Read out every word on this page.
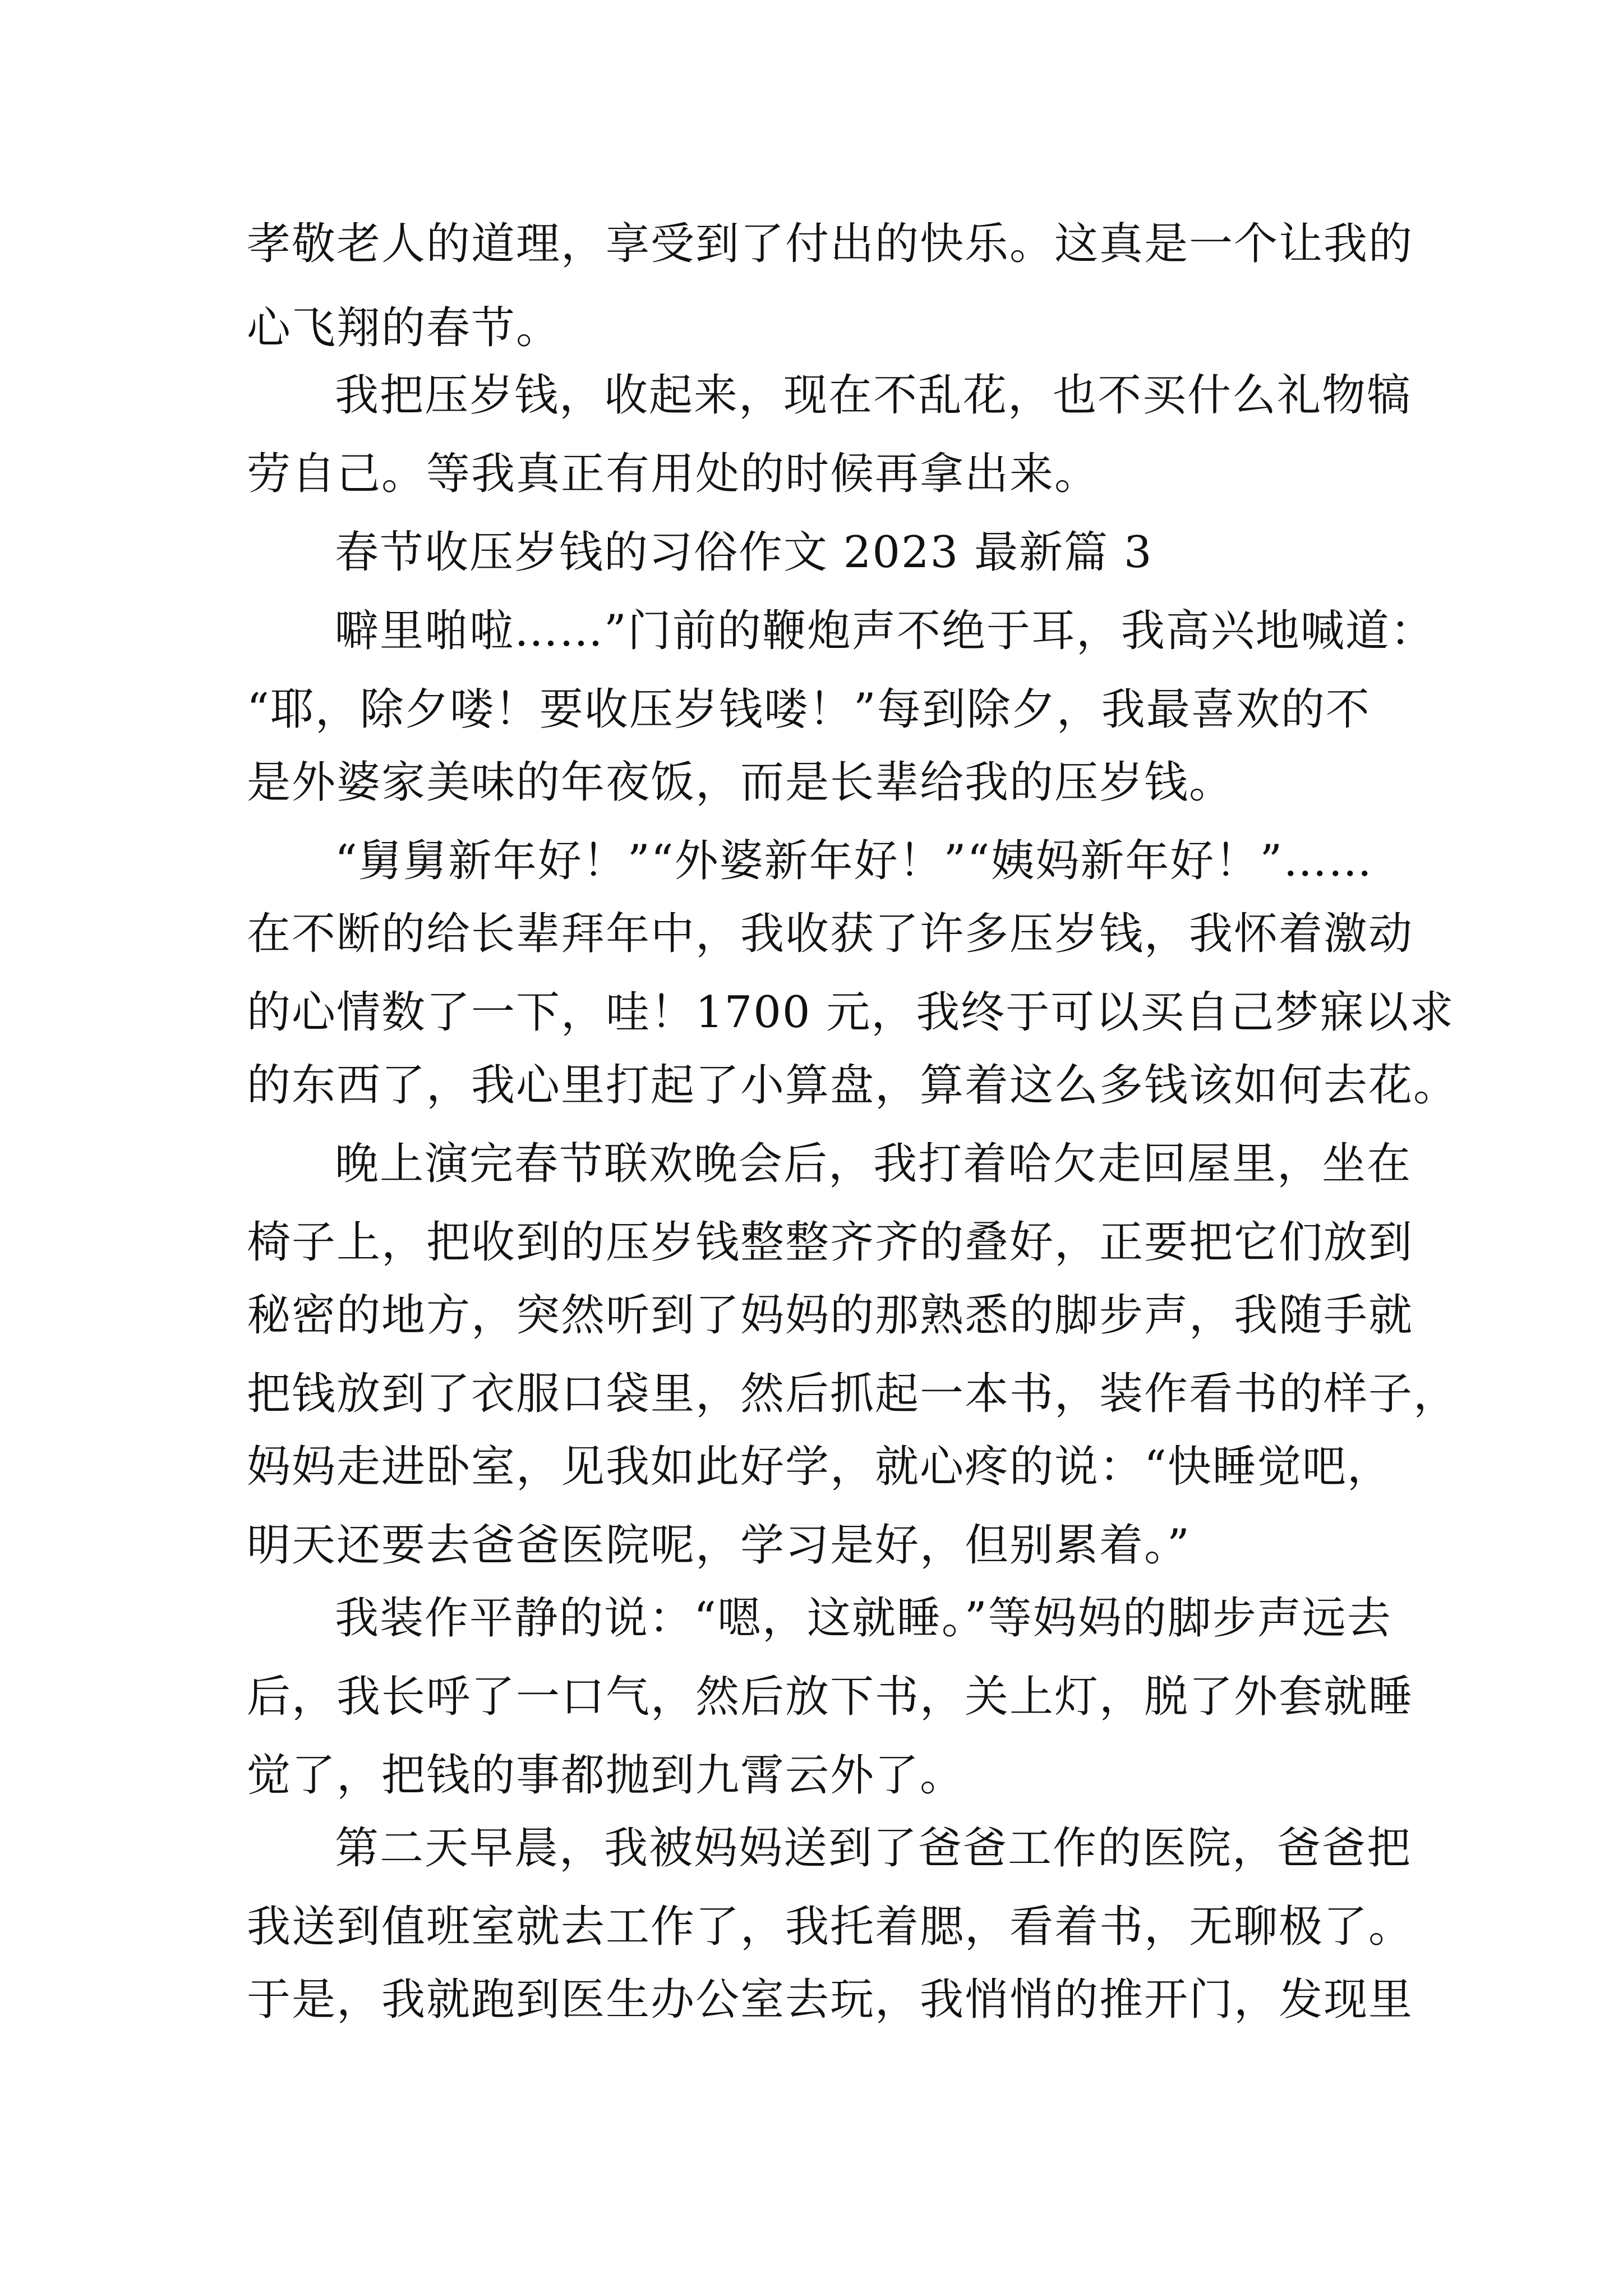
孝敬老人的道理，享受到了付出的快乐。这真是一个让我的
心飞翔的春节。
我把压岁钱，收起来，现在不乱花，也不买什么礼物犒
劳自己。等我真正有用处的时候再拿出来。
春节收压岁钱的习俗作文 2023 最新篇 3
噼里啪啦……”门前的鞭炮声不绝于耳，我高兴地喊道：
“耶，除夕喽！要收压岁钱喽！”每到除夕，我最喜欢的不
是外婆家美味的年夜饭，而是长辈给我的压岁钱。
“舅舅新年好！”“外婆新年好！”“姨妈新年好！”……
在不断的给长辈拜年中，我收获了许多压岁钱，我怀着激动
的心情数了一下，哇！1700 元，我终于可以买自己梦寐以求
的东西了，我心里打起了小算盘，算着这么多钱该如何去花。
晚上演完春节联欢晚会后，我打着哈欠走回屋里，坐在
椅子上，把收到的压岁钱整整齐齐的叠好，正要把它们放到
秘密的地方，突然听到了妈妈的那熟悉的脚步声，我随手就
把钱放到了衣服口袋里，然后抓起一本书，装作看书的样子，
妈妈走进卧室，见我如此好学，就心疼的说：“快睡觉吧，
明天还要去爸爸医院呢，学习是好，但别累着。”
我装作平静的说：“嗯，这就睡。”等妈妈的脚步声远去
后，我长呼了一口气，然后放下书，关上灯，脱了外套就睡
觉了，把钱的事都抛到九霄云外了。
第二天早晨，我被妈妈送到了爸爸工作的医院，爸爸把
我送到值班室就去工作了，我托着腮，看着书，无聊极了。
于是，我就跑到医生办公室去玩，我悄悄的推开门，发现里
